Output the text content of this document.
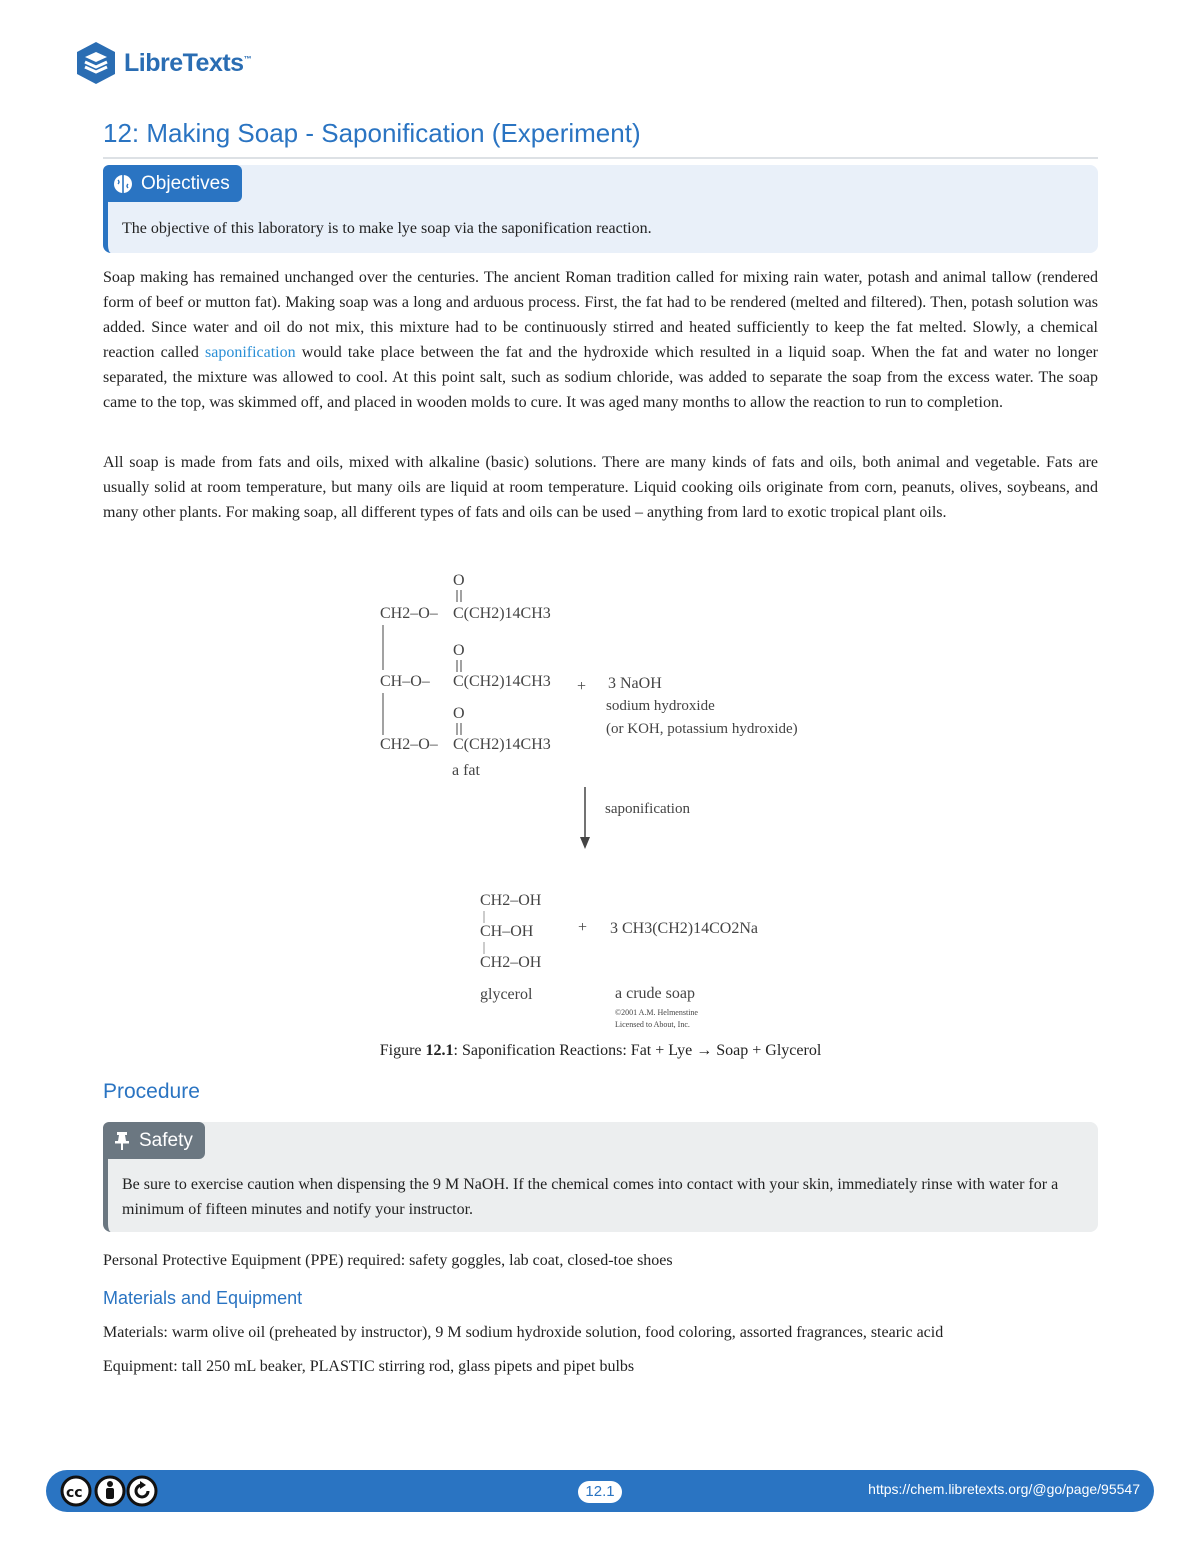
LibreTexts™
12: Making Soap - Saponification (Experiment)
Objectives
The objective of this laboratory is to make lye soap via the saponification reaction.

Soap making has remained unchanged over the centuries. The ancient Roman tradition called for mixing rain water, potash and animal tallow (rendered form of beef or mutton fat). Making soap was a long and arduous process. First, the fat had to be rendered (melted and filtered). Then, potash solution was added. Since water and oil do not mix, this mixture had to be continuously stirred and heated sufficiently to keep the fat melted. Slowly, a chemical reaction called saponification would take place between the fat and the hydroxide which resulted in a liquid soap. When the fat and water no longer separated, the mixture was allowed to cool. At this point salt, such as sodium chloride, was added to separate the soap from the excess water. The soap came to the top, was skimmed off, and placed in wooden molds to cure. It was aged many months to allow the reaction to run to completion.

All soap is made from fats and oils, mixed with alkaline (basic) solutions. There are many kinds of fats and oils, both animal and vegetable. Fats are usually solid at room temperature, but many oils are liquid at room temperature. Liquid cooking oils originate from corn, peanuts, olives, soybeans, and many other plants. For making soap, all different types of fats and oils can be used – anything from lard to exotic tropical plant oils.

O
CH2–O– C(CH2)14CH3
O
CH–O– C(CH2)14CH3
O
CH2–O– C(CH2)14CH3
a fat
+ 3 NaOH
sodium hydroxide
(or KOH, potassium hydroxide)
saponification
CH2–OH
CH–OH
CH2–OH
glycerol
+ 3 CH3(CH2)14CO2Na
a crude soap
©2001 A.M. Helmenstine
Licensed to About, Inc.
Figure 12.1: Saponification Reactions: Fat + Lye → Soap + Glycerol
Procedure
Safety
Be sure to exercise caution when dispensing the 9 M NaOH. If the chemical comes into contact with your skin, immediately rinse with water for a minimum of fifteen minutes and notify your instructor.

Personal Protective Equipment (PPE) required: safety goggles, lab coat, closed-toe shoes

Materials and Equipment

Materials: warm olive oil (preheated by instructor), 9 M sodium hydroxide solution, food coloring, assorted fragrances, stearic acid

Equipment: tall 250 mL beaker, PLASTIC stirring rod, glass pipets and pipet bulbs

cc	12.1	https://chem.libretexts.org/@go/page/95547
